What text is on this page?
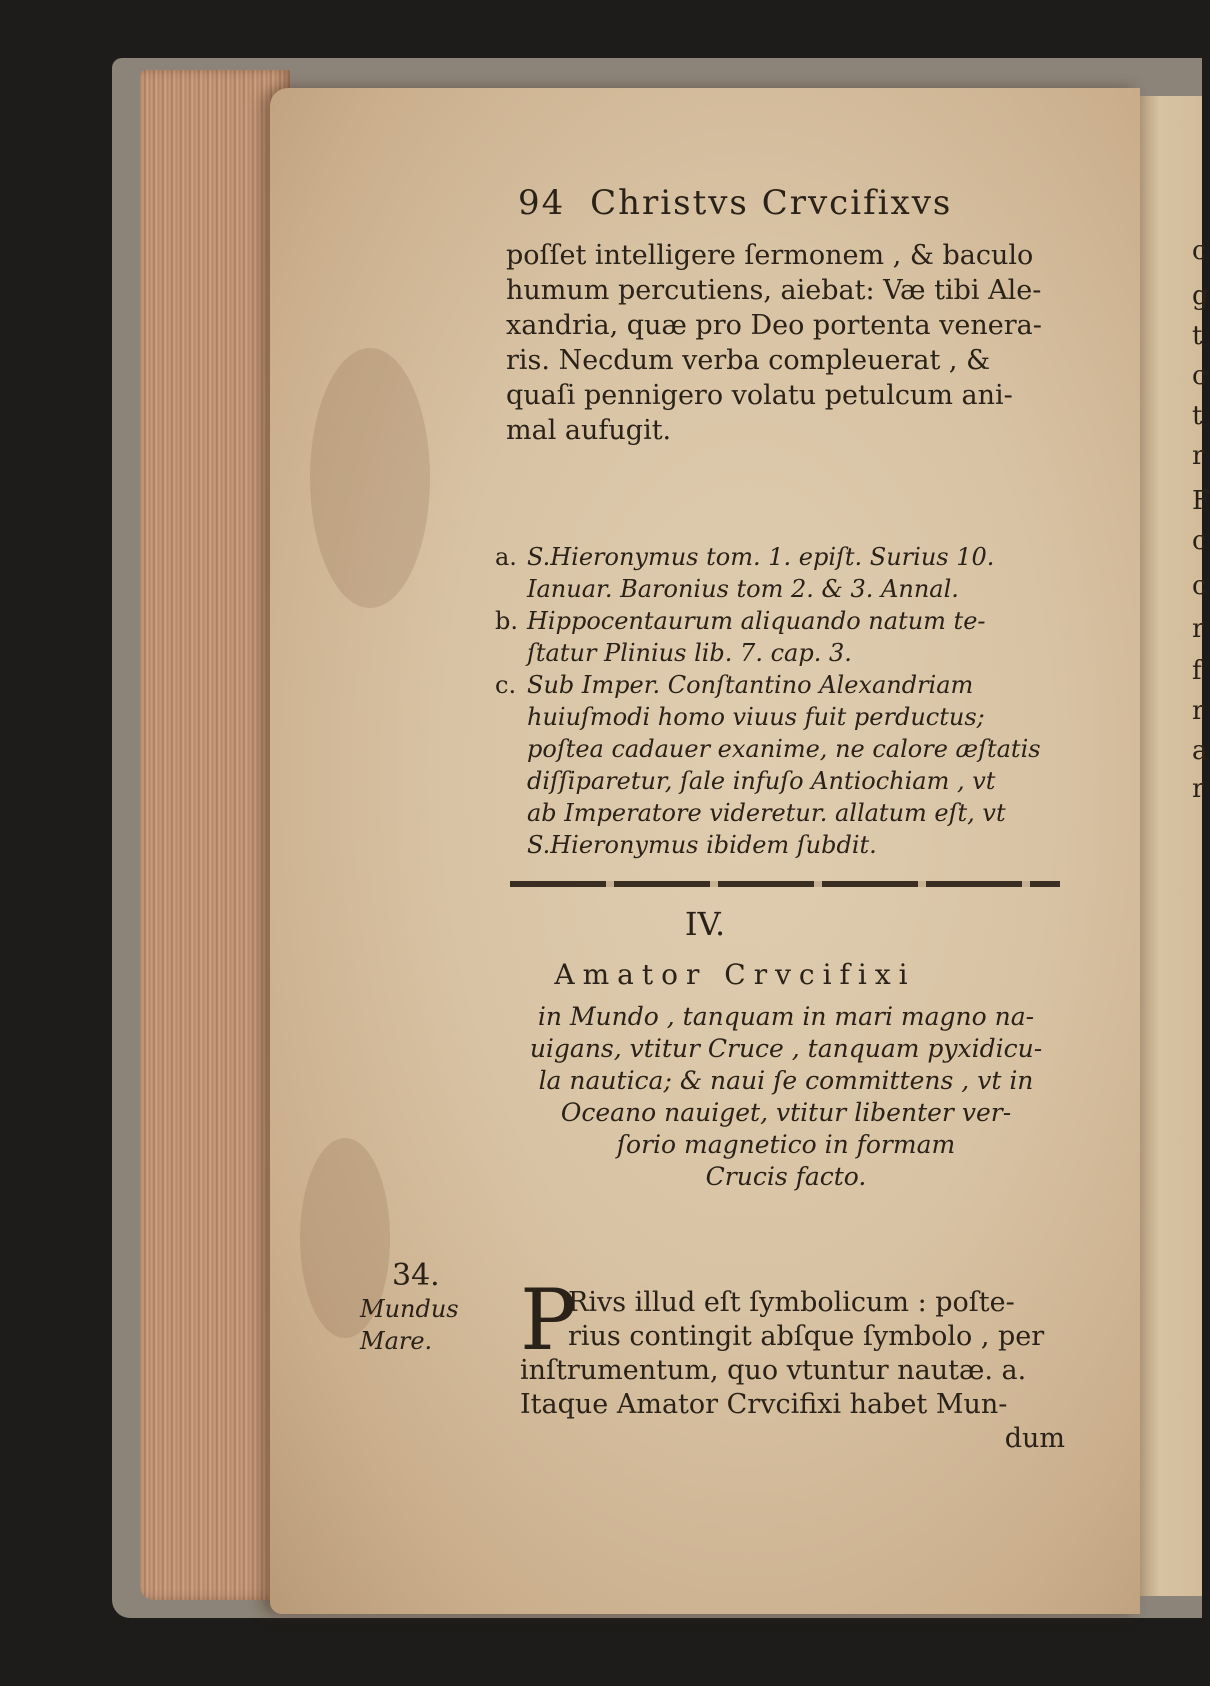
c
g
t
c
t
r
F
c
c
r
f
r
a
r
94 Christvs Crvcifixvs
poſſet intelligere ſermonem , & baculo
humum percutiens, aiebat: Væ tibi Ale-
xandria, quæ pro Deo portenta venera-
ris. Necdum verba compleuerat , &
quaſi pennigero volatu petulcum ani-
mal aufugit.
a. S.Hieronymus tom. 1. epiſt. Surius 10.
Ianuar. Baronius tom 2. & 3. Annal.
b. Hippocentaurum aliquando natum te-
ſtatur Plinius lib. 7. cap. 3.
c. Sub Imper. Conſtantino Alexandriam
huiuſmodi homo viuus fuit perductus;
poſtea cadauer exanime, ne calore æſtatis
diſſiparetur, ſale infuſo Antiochiam , vt
ab Imperatore videretur. allatum eſt, vt
S.Hieronymus ibidem ſubdit.
IV.
Amator Crvcifixi
in Mundo , tanquam in mari magno na-
uigans, vtitur Cruce , tanquam pyxidicu-
la nautica; & naui ſe committens , vt in
Oceano nauiget, vtitur libenter ver-
ſorio magnetico in formam
Crucis facto.
34.
Mundus
Mare.	P
Rivs illud eſt ſymbolicum : poſte-
rius contingit abſque ſymbolo , per
inſtrumentum, quo vtuntur nautæ. a.
Itaque Amator Crvcifixi habet Mun-
dum
